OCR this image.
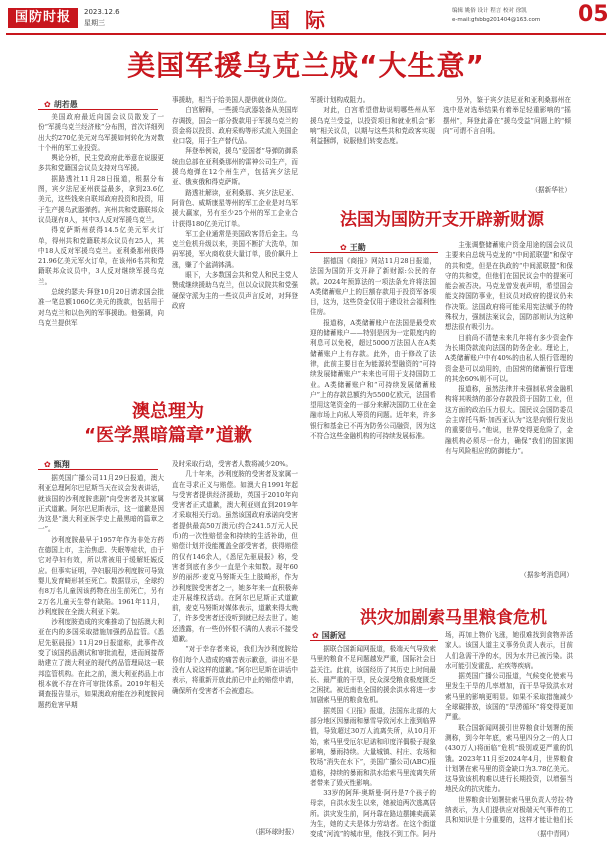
国防时报	2023.12.6
星期三	国 际	编辑 姚俗 设计 程言 校对 徐凯
e-mail:gfsbbg201404@163.com	05
美国军援乌克兰成“大生意”
✿ 胡若愚

美国政府最近向国会议员散发了一份“军援乌克兰经济账”分布图，首次详细列出大约270亿美元对乌军援如何转化为对数十个州的军工业投资。

舆论分析，民主党政府此举意在说服更多共和党籍国会议员支持对乌军援。

据路透社11月28日报道，根据分布图，宾夕法尼亚州获益最多，拿到23.6亿美元，这些钱来自联邦政府投资和投资，用于生产援乌武器弹药。宾州共和党籍联邦众议员现有8人，其中3人反对军援乌克兰。

得克萨斯州获得14.5亿美元军火订单，得州共和党籍联邦众议员有25人，其中18人反对军援乌克兰。亚利桑那州获得21.96亿美元军火订单，在该州6名共和党籍联邦众议员中，3人反对继续军援乌克兰。

总统约瑟夫·拜登10月20日请求国会批准一笔总额1060亿美元的拨款，包括用于对乌克兰和以色列的军事援助。他强调，向乌克兰提供军

事援助，相当于给美国人提供就业岗位。

白宫解释，一些援乌武器装备从美国库存调拨，国会一部分拨款用于军援乌克兰的资金将以投资、政府采购等形式流入美国企业口袋，用于生产替代品。

拜登举例说，援乌“爱国者”导弹防御系统由总部在亚利桑那州的雷神公司生产，而援乌炮弹在12个州生产，包括宾夕法尼亚、俄亥俄和得克萨斯。

路透社解读，亚利桑那、宾夕法尼亚、阿肯色、威斯康星等州的军工企业是对乌军援大赢家，另有至少25个州的军工企业合计获得180亿美元订单。

军工企业通常是美国政客背后金主。乌克兰危机升级以来，美国不断扩大洗单，加码军援，军火商收获大量订单，股价飙升上涨，赚了个盆满钵满。

眼下，大多数国会共和党人和民主党人赞成继续援助乌克兰，但以众议院共和党强硬保守派为主的一些议员声言反对，对拜登政府

军援计划构成阻力。

对此，白宫希望借助说明哪些州从军援乌克兰受益，以投资项目和就业机会“影响”相关议员，以期与这些共和党政客实现利益捆绑，说服他们转变态度。

另外，鉴于宾夕法尼亚和亚利桑那州在选中是对选举结果有着举足轻重影响的“摇摆州”，拜登此番在“援乌受益”问题上的“倾向”可谓不言自明。

（据新华社）
法国为国防开支开辟新财源
✿ 王勤

据德国《商报》网站11月28日报道，法国为国防开支开辟了新财源:公民的存款。2024年预算法的一项法条允许将法国A类储蓄账户上的巨额存款用于投资军备项目，这为，这些贷金仅用于建设社会福利性住房。

报道称，A类储蓄账户在法国是最受欢迎的储蓄账户——特别是因为一定限度内的利息可以免税，超过5000万法国人在A类储蓄账户上有存款。此外，由于修改了法律，此前主要目在为能源转型融资的“可持续发展储蓄账户”未来也可用于支持国防工业。A类储蓄账户和“可持续发展储蓄账户”上的存款总额约为5500亿欧元，法国希望用这笔资金的一部分来解决国防工业在金融市场上向私人筹资的问题。近年来，许多银行和基金已不再为防务公司融资，因为这不符合这些金融机构的可持续发展标准。

主张调整储蓄账户资金用途的国会议员主要来自总统马克龙的“中间派联盟”和保守的共和党，但是在执政的“中间派联盟”和保守的共和党，但他们在国民议会中的提案可能会被否决。马克龙曾发表声明，希望国会能支持国防事业，但议员对政府的提议仍未作决策。法国政府将可能采用宪法赋予的特殊权力，强制法案议会，国防部则认为这种想法很有吸引力。

目前尚不清楚未来几年将有多少资金作为长期贷款流向法国的防务企业。理论上，A类储蓄账户中有40%的由私人银行管理的资金是可以动用的，由国营的储蓄银行管理的其余60%则不可以。

报道称，虽然法律并未强制私营金融机构将其吸纳的部分存款投资于国防工业，但这方面的政治压力很大。国民议会国防委员会主席托马斯·加西亚认为“这是向银行发出的重要信号。”他说，世界变得更危险了，金融机构必须尽一份力，确保“我们的国家拥有与风险相应的防御能力”。

（据参考消息网）
澳总理为
“医学黑暗篇章”道歉
✿ 甄翔

据英国广播公司11月29日报道，澳大利亚总理阿尔巴尼斯当天在议会发表讲话，就该国的沙利度胺悲剧”向受害者及其家属正式道歉。阿尔巴尼斯表示，这一道歉是因为这是“澳大利亚医学史上最黑暗的篇章之一”。

沙利度胺最早于1957年作为非处方药在德国上市，主治焦虑、失眠等症状，由于它对孕妇有效，所以常被用于缓解妊娠反应。但事实证明，孕妇服用沙利度胺可导致婴儿发育畸形甚至死亡。数据显示，全球约有8万名儿童因该药物在出生前死亡，另有2万名儿童天生带有缺陷。1961年11月，沙利度胺在全澳大利亚下架。

沙利度胺造成的灾难推动了包括澳大利亚在内的多国采取措施加强药品监管。《悉尼先驱晨报》11月29日报道称，此事件改变了该国药品测试和审批流程，进而间接帮助建立了澳大利亚的现代药品管理局这一联邦监管机构。在此之前，澳大利亚药品上市根本就不存在许可审批体系。2019年相关调查报告显示，如果澳政府能在沙利度胺问题药危害早期

及时采取行动，受害者人数将减少20%。

几十年来，沙利度胺的受害者及家属一直在寻求正义与赔偿。如澳大自1991年起与受害者提供经济援助，英国于2010年向受害者正式道歉，澳大利亚则直到2019年才采取相关行动。虽然该国政府承诺向受害者提供最高50万澳元(约合241.5万元人民币)的一次性赔偿金和持续的生活补助，但赔偿计划并没能覆盖全部受害者，获得赔偿的仅有146余人，《悉尼先驱晨报》称，受害者到底有多少一直是个未知数。现年60岁的丽莎·麦克马努斯天生上肢畸形，作为沙利度胺受害者之一，她多年来一直积极奔走开展维权活动。在阿尔巴尼斯正式道歉前，麦克马努斯对媒体表示，道歉来得太晚了，许多受害者还没听到就已经去世了。她还透露，有一些仍怀恨不满的人表示不接受道歉。

“对于幸存者来说，我们为沙利度胺给你们每个人造成的痛苦表示歉意，讲出不是没有人说这样的道歉。”阿尔巴尼斯在讲话中表示，将重新开放此前已中止的赔偿申请，确保所有受害者不会被遗忘。

（据环球时报）
洪灾加剧索马里粮食危机
✿ 国新冠

据联合国新闻网报道，极端天气导致索马里的粮食不足问题越发严重，国际社会日益关注。此前，该国经历了其历史上时间最长、最严重的干旱，民众深受粮食极度匮乏之困扰。被近南也全国的援余洪水将进一步加剧索马里的粮食危机。

据英国《卫报》报道，法国东北部的大部分地区因暴雨和暴雪导致河水上涨到临界值，导致超过30万人流离失所，从10月开始，索马里受厄尔尼诺和印度洋偶极子现象影响，暴雨持续。大量城镇、村庄、农场和牧场“消失在水下”，美国广播公司(ABC)报道称，持续的暴雨和洪水给索马里流离失所者带来了毁灭性影响。

33岁的阿拜·奥斯曼·阿丹是7个孩子的母亲，自洪水发生以来，她被迫两次逃离居所。洪灾发生前，阿丹靠在路边摆摊卖蔬菜为生，她的丈夫是体力劳动者。在这个街道变成“河流”的城市里，他找不到工作。阿丹

场，再加上物价飞涨，她很难找到食物养活家人。该国人道主义事务负责人表示，目前人们急需干净的水，因为水井已被污染。洪水可能引发霍乱、疟疾等疾病。

据英国广播公司报道，气候变化使索马里发生干旱的几率增加，而干旱导致洪水对索马里的影响更明显。如果不采取措施减少全球碳排放，该国的“旱涝循环”将变得更加严重。

联合国新闻网援引世界粮食计划署的预测称，到今年年底，索马里四分之一的人口(430万人)将面临“危机”级别或更严重的饥饿。2023年11月至2024年4月，世界粮食计划署在索马里的资金缺口为3.78亿美元。这导致该机构难以进行长期投资，以增强当地民众的抗灾能力。

世界粮食计划署驻索马里负责人劳拉·特纳表示，为人们提供应对极端天气事件的工具和知识是十分重要的，这样才能让他们长

（据中青网）
